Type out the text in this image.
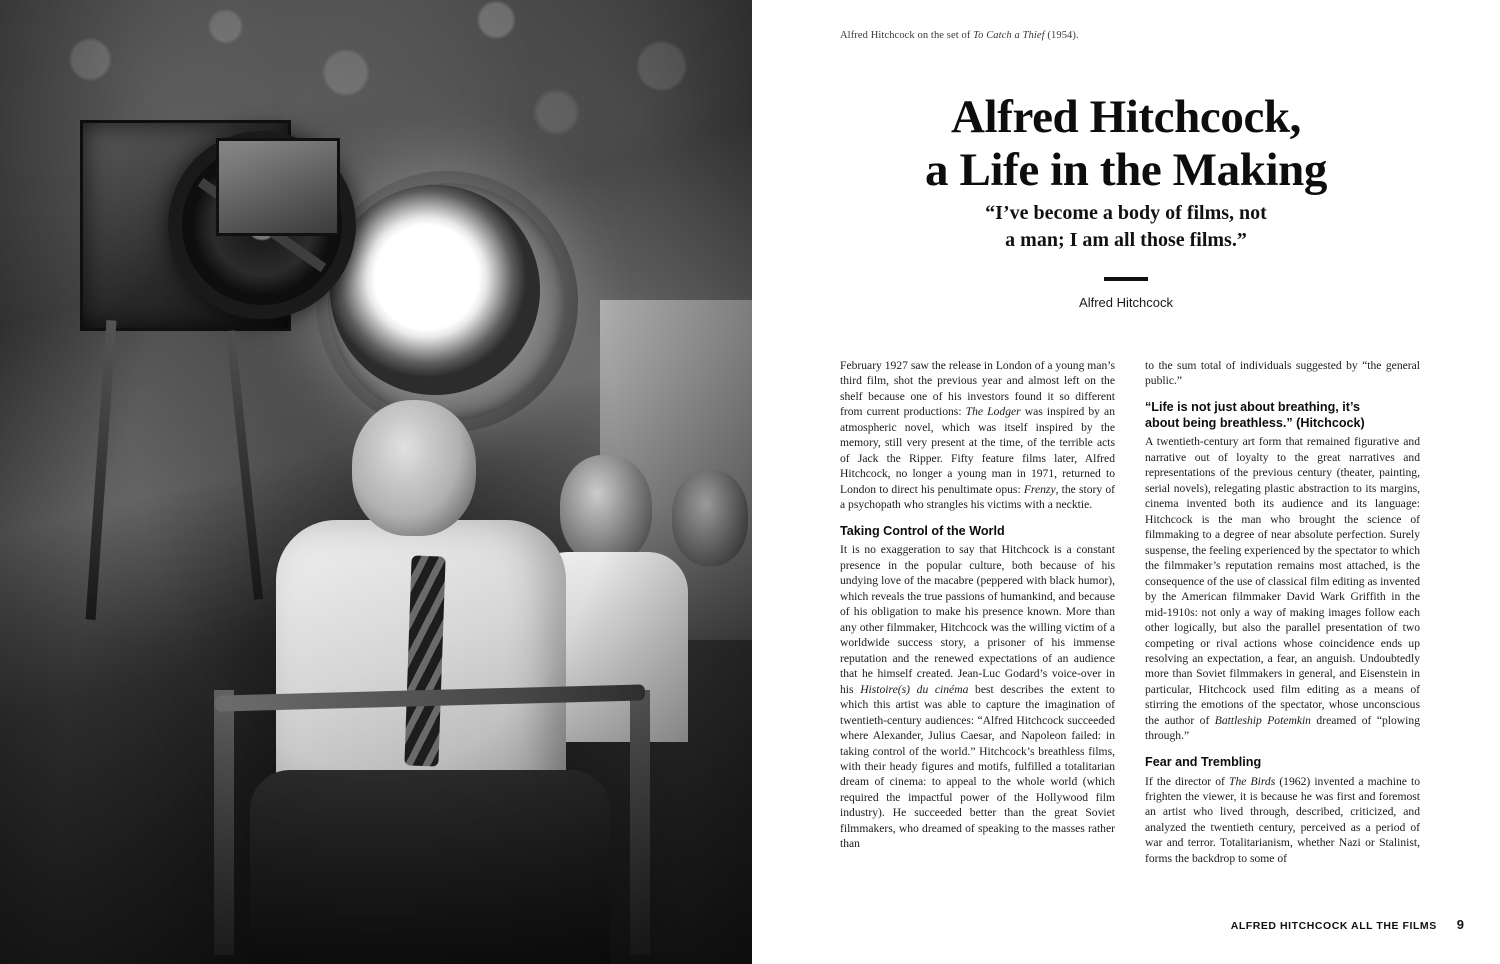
Alfred Hitchcock on the set of To Catch a Thief (1954).
Alfred Hitchcock,
a Life in the Making
“I’ve become a body of films, not
a man; I am all those films.”
Alfred Hitchcock

February 1927 saw the release in London of a young man’s third film, shot the previous year and almost left on the shelf because one of his investors found it so different from current productions: The Lodger was inspired by an atmospheric novel, which was itself inspired by the memory, still very present at the time, of the terrible acts of Jack the Ripper. Fifty feature films later, Alfred Hitchcock, no longer a young man in 1971, returned to London to direct his penultimate opus: Frenzy, the story of a psychopath who strangles his victims with a necktie.

Taking Control of the World

It is no exaggeration to say that Hitchcock is a constant presence in the popular culture, both because of his undying love of the macabre (peppered with black humor), which reveals the true passions of humankind, and because of his obligation to make his presence known. More than any other filmmaker, Hitchcock was the willing victim of a worldwide success story, a prisoner of his immense reputation and the renewed expectations of an audience that he himself created. Jean-Luc Godard’s voice-over in his Histoire(s) du cinéma best describes the extent to which this artist was able to capture the imagination of twentieth-century audiences: “Alfred Hitchcock succeeded where Alexander, Julius Caesar, and Napoleon failed: in taking control of the world.” Hitchcock’s breathless films, with their heady figures and motifs, fulfilled a totalitarian dream of cinema: to appeal to the whole world (which required the impactful power of the Hollywood film industry). He succeeded better than the great Soviet filmmakers, who dreamed of speaking to the masses rather than

to the sum total of individuals suggested by “the general public.”

“Life is not just about breathing, it’s
about being breathless.” (Hitchcock)

A twentieth-century art form that remained figurative and narrative out of loyalty to the great narratives and representations of the previous century (theater, painting, serial novels), relegating plastic abstraction to its margins, cinema invented both its audience and its language: Hitchcock is the man who brought the science of filmmaking to a degree of near absolute perfection. Surely suspense, the feeling experienced by the spectator to which the filmmaker’s reputation remains most attached, is the consequence of the use of classical film editing as invented by the American filmmaker David Wark Griffith in the mid-1910s: not only a way of making images follow each other logically, but also the parallel presentation of two competing or rival actions whose coincidence ends up resolving an expectation, a fear, an anguish. Undoubtedly more than Soviet filmmakers in general, and Eisenstein in particular, Hitchcock used film editing as a means of stirring the emotions of the spectator, whose unconscious the author of Battleship Potemkin dreamed of “plowing through.”

Fear and Trembling

If the director of The Birds (1962) invented a machine to frighten the viewer, it is because he was first and foremost an artist who lived through, described, criticized, and analyzed the twentieth century, perceived as a period of war and terror. Totalitarianism, whether Nazi or Stalinist, forms the backdrop to some of

ALFRED HITCHCOCK ALL THE FILMS 9
